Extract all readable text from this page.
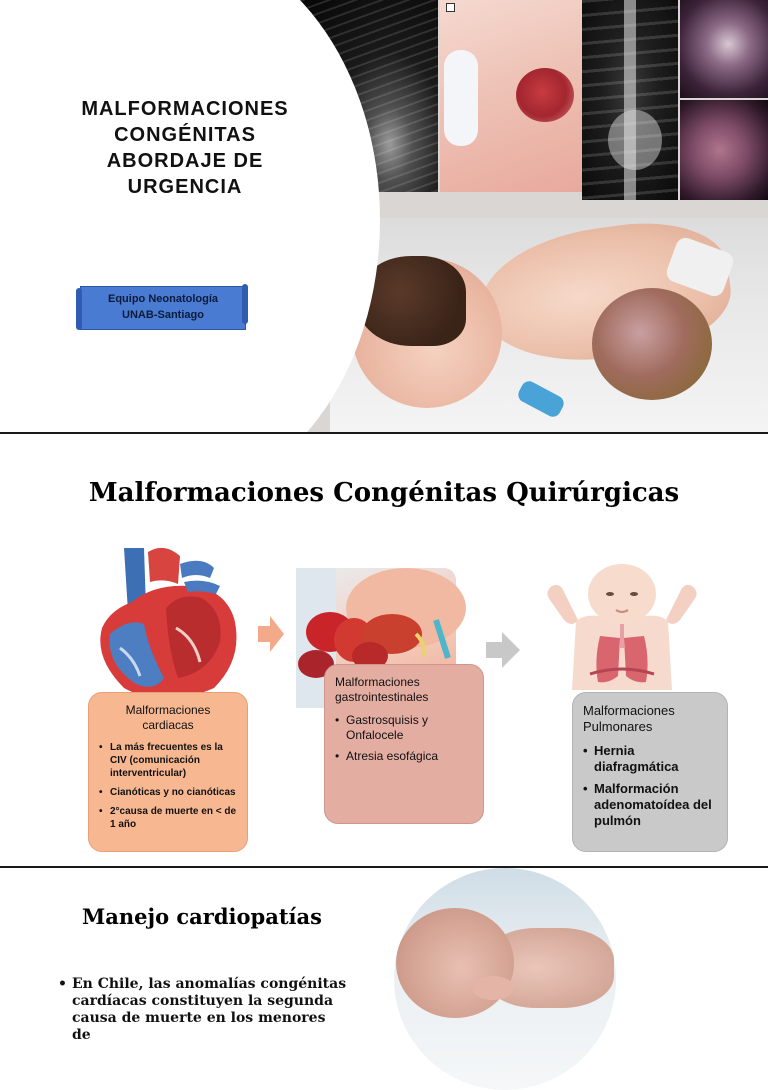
MALFORMACIONES
CONGÉNITAS
ABORDAJE DE
URGENCIA
Equipo Neonatología
UNAB-Santiago
Malformaciones Congénitas Quirúrgicas
Malformaciones cardiacas
• La más frecuentes es la CIV (comunicación interventricular)
• Cianóticas y no cianóticas
• 2°causa de muerte en < de 1 año
Malformaciones gastrointestinales
• Gastrosquisis y Onfalocele
• Atresia esofágica
Malformaciones Pulmonares
• Hernia diafragmática
• Malformación adenomatoídea del pulmón
Manejo cardiopatías
• En Chile, las anomalías congénitas cardíacas constituyen la segunda causa de muerte en los menores de
